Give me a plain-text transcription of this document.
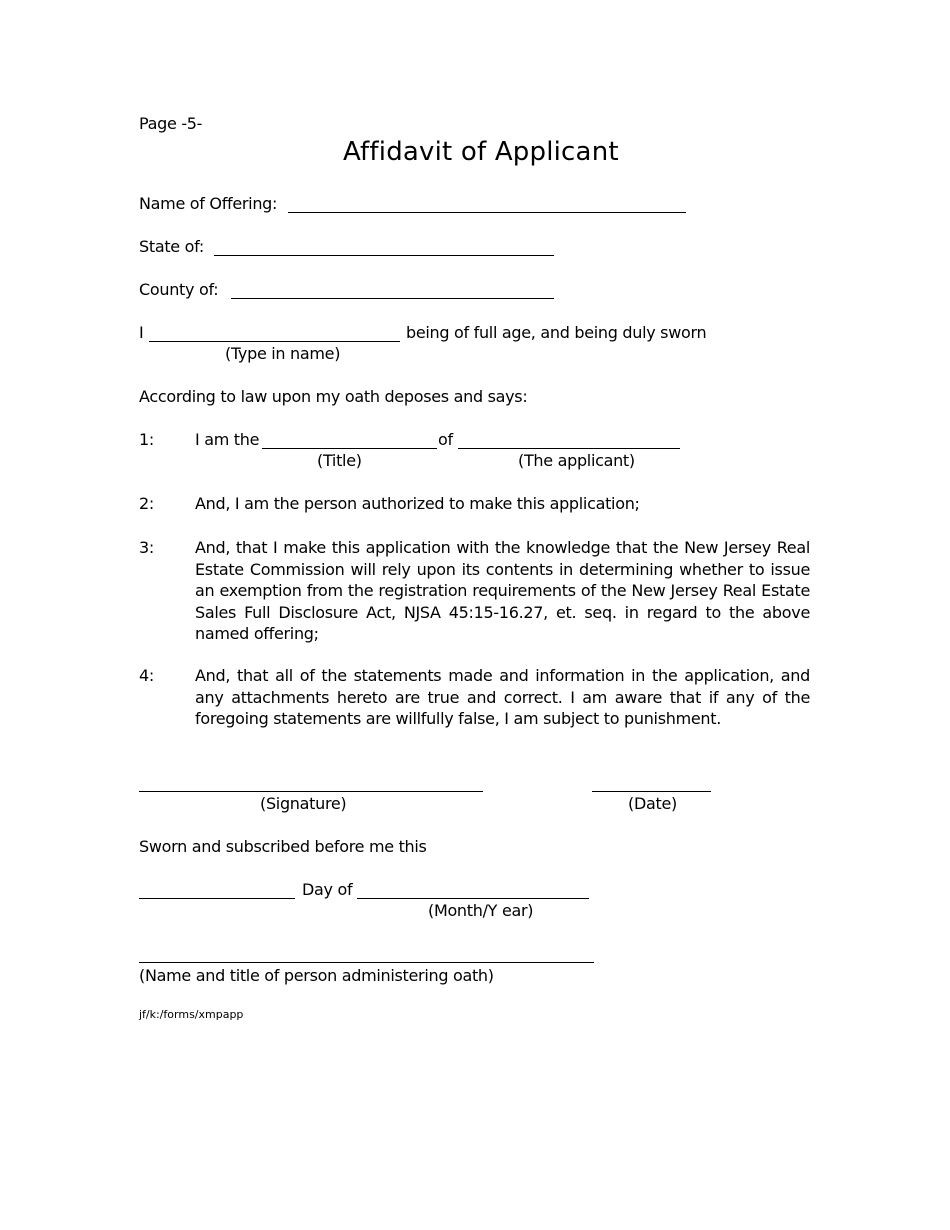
Page -5-
Affidavit of Applicant
Name of Offering:
State of:
County of:
I	being of full age, and being duly sworn
(Type in name)
According to law upon my oath deposes and says:
1:	I am the	of
(Title)	(The applicant)
2:	And, I am the person authorized to make this application;
3:	And, that I make this application with the knowledge that the New Jersey Real Estate Commission will rely upon its contents in determining whether to issue an exemption from the registration requirements of the New Jersey Real Estate Sales Full Disclosure Act, NJSA 45:15-16.27, et. seq. in regard to the above named offering;
4:	And, that all of the statements made and information in the application, and any attachments hereto are true and correct. I am aware that if any of the foregoing statements are willfully false, I am subject to punishment.
(Signature)	(Date)
Sworn and subscribed before me this
Day of
(Month/Y ear)
(Name and title of person administering oath)
jf/k:/forms/xmpapp
